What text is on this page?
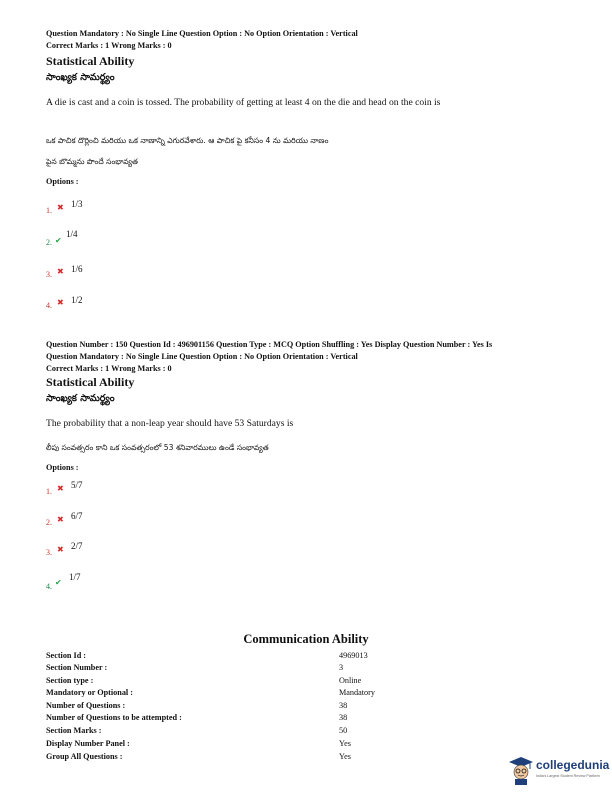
Question Mandatory : No Single Line Question Option : No Option Orientation : Vertical
Correct Marks : 1 Wrong Marks : 0
Statistical Ability
సాంఖ్యక సామర్థ్యం
A die is cast and a coin is tossed. The probability of getting at least 4 on the die and head on the coin is
ఒక పాచిక దొర్లించి మరియు ఒక నాణాన్ని ఎగురవేశారు. ఆ పాచిక పై కనీసం 4 ను మరియు నాణం
పైన బొమ్మను పొందే సంభావ్యత
Options :
1. ✖ 1/3
2. ✔
1/4
3. ✖ 1/6
4. ✖ 1/2
Question Number : 150 Question Id : 496901156 Question Type : MCQ Option Shuffling : Yes Display Question Number : Yes Is
Question Mandatory : No Single Line Question Option : No Option Orientation : Vertical
Correct Marks : 1 Wrong Marks : 0
Statistical Ability
సాంఖ్యక సామర్థ్యం
The probability that a non-leap year should have 53 Saturdays is
లీపు సంవత్సరం కాని ఒక సంవత్సరంలో 53 శనివారములు ఉండే సంభావ్యత
Options :
1. ✖ 5/7
2. ✖ 6/7
3. ✖ 2/7
4. ✔
1/7
Communication Ability
Section Id :	4969013
Section Number :	3
Section type :	Online
Mandatory or Optional :	Mandatory
Number of Questions :	38
Number of Questions to be attempted :	38
Section Marks :	50
Display Number Panel :	Yes
Group All Questions :	Yes
collegedunia
India's Largest Student Review Platform
